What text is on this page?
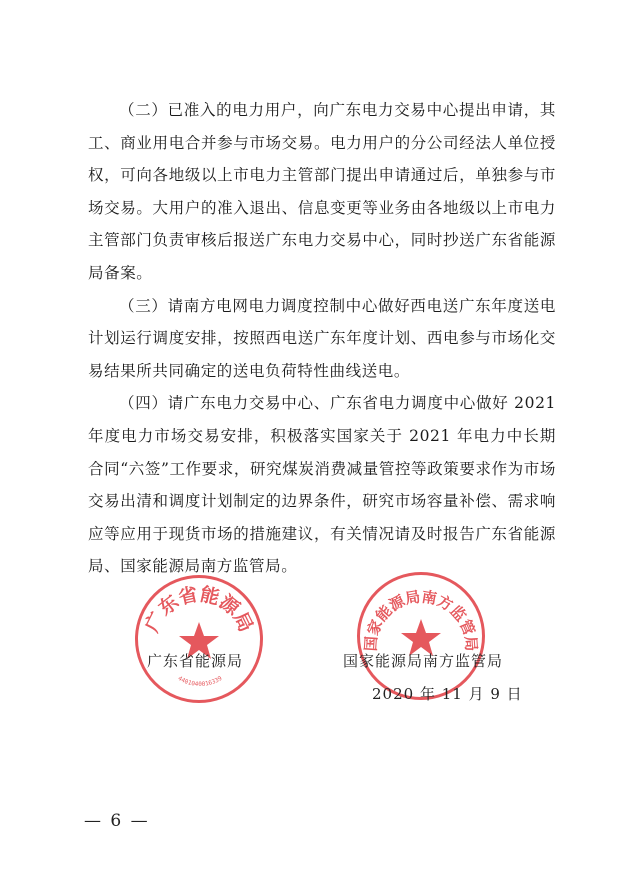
（二）已准入的电力用户，向广东电力交易中心提出申请，其工、商业用电合并参与市场交易。电力用户的分公司经法人单位授权，可向各地级以上市电力主管部门提出申请通过后，单独参与市场交易。大用户的准入退出、信息变更等业务由各地级以上市电力主管部门负责审核后报送广东电力交易中心，同时抄送广东省能源局备案。

（三）请南方电网电力调度控制中心做好西电送广东年度送电计划运行调度安排，按照西电送广东年度计划、西电参与市场化交易结果所共同确定的送电负荷特性曲线送电。

（四）请广东电力交易中心、广东省电力调度中心做好 2021 年度电力市场交易安排，积极落实国家关于 2021 年电力中长期合同“六签”工作要求，研究煤炭消费减量管控等政策要求作为市场交易出清和调度计划制定的边界条件，研究市场容量补偿、需求响应等应用于现货市场的措施建议，有关情况请及时报告广东省能源局、国家能源局南方监管局。

广东省能源局
4401040016339
国家能源局南方监管局
广东省能源局	国家能源局南方监管局
2020 年 11 月 9 日
— 6 —
